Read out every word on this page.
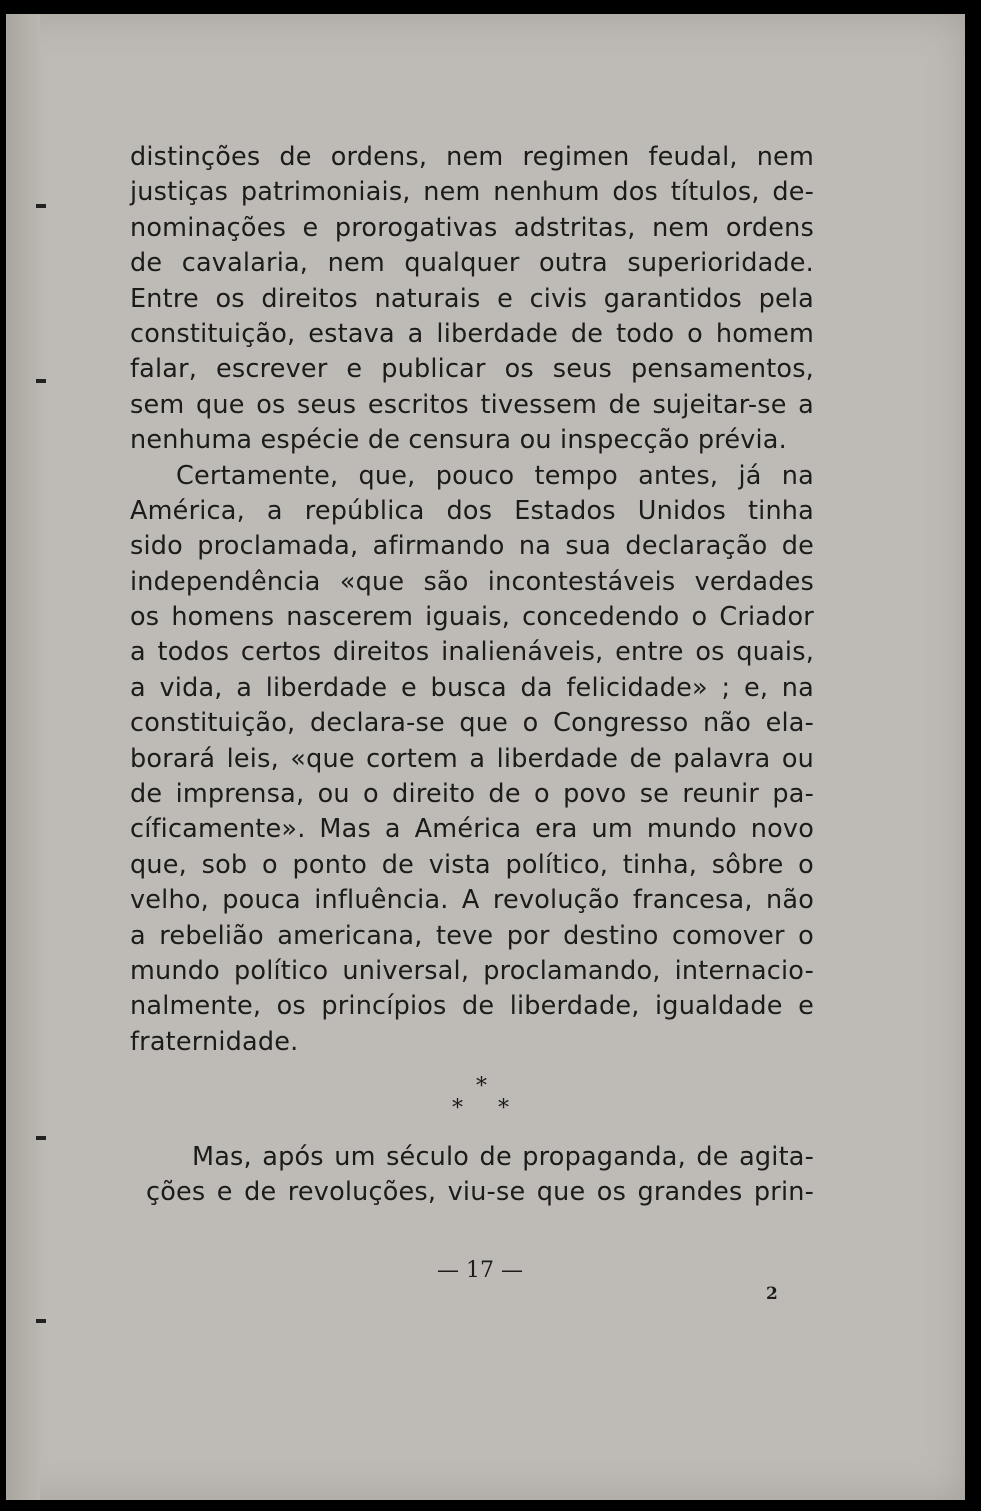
distinções de ordens, nem regimen feudal, nem
justiças patrimoniais, nem nenhum dos títulos, de-
nominações e prorogativas adstritas, nem ordens
de cavalaria, nem qualquer outra superioridade.
Entre os direitos naturais e civis garantidos pela
constituição, estava a liberdade de todo o homem
falar, escrever e publicar os seus pensamentos,
sem que os seus escritos tivessem de sujeitar-se a
nenhuma espécie de censura ou inspecção prévia.
Certamente, que, pouco tempo antes, já na
América, a república dos Estados Unidos tinha
sido proclamada, afirmando na sua declaração de
independência «que são incontestáveis verdades
os homens nascerem iguais, concedendo o Criador
a todos certos direitos inalienáveis, entre os quais,
a vida, a liberdade e busca da felicidade» ; e, na
constituição, declara-se que o Congresso não ela-
borará leis, «que cortem a liberdade de palavra ou
de imprensa, ou o direito de o povo se reunir pa-
cíficamente». Mas a América era um mundo novo
que, sob o ponto de vista político, tinha, sôbre o
velho, pouca influência. A revolução francesa, não
a rebelião americana, teve por destino comover o
mundo político universal, proclamando, internacio-
nalmente, os princípios de liberdade, igualdade e
fraternidade.
*
* *
Mas, após um século de propaganda, de agita-
ções e de revoluções, viu-se que os grandes prin-
— 17 —
2
